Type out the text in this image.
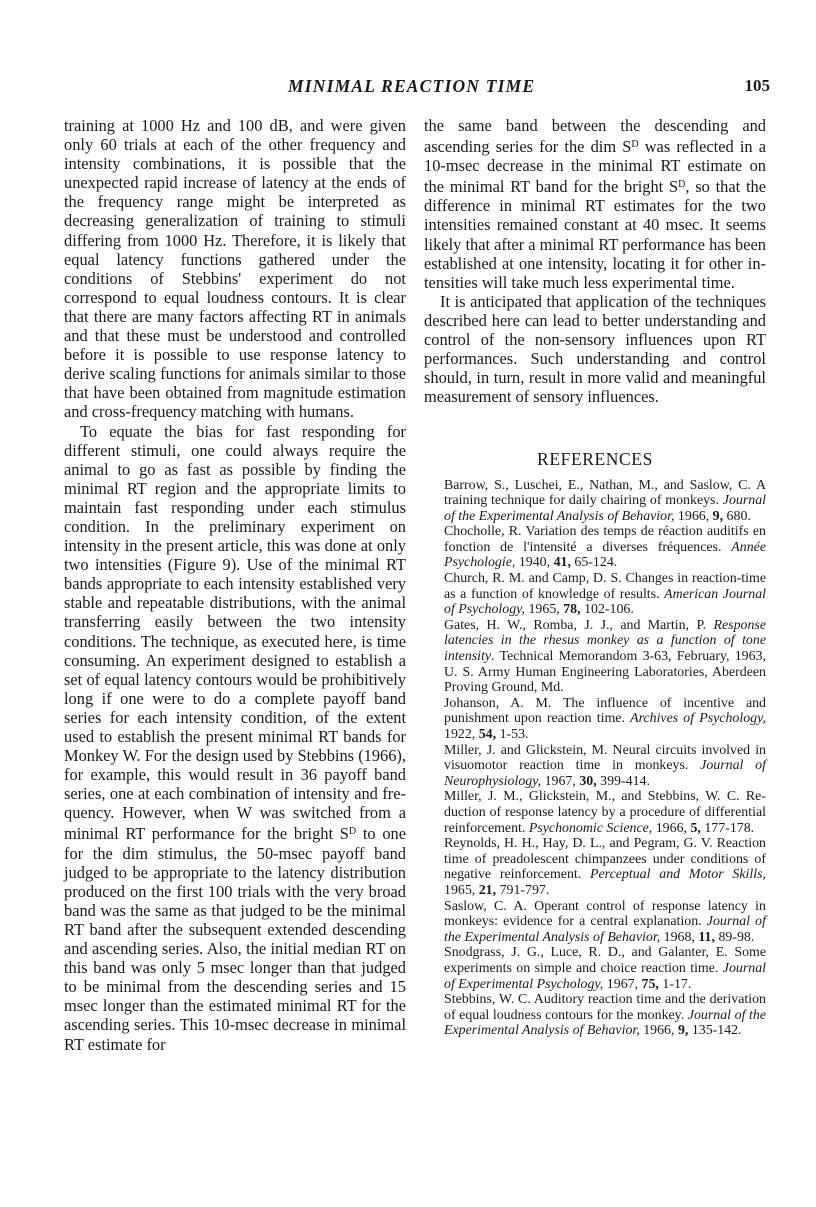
MINIMAL REACTION TIME	105

training at 1000 Hz and 100 dB, and were given only 60 trials at each of the other frequency and intensity combinations, it is possible that the unexpected rapid increase of latency at the ends of the frequency range might be interpreted as decreasing generalization of training to stimuli differing from 1000 Hz. Therefore, it is likely that equal latency functions gathered under the conditions of Stebbins' experiment do not correspond to equal loudness contours. It is clear that there are many factors affecting RT in animals and that these must be understood and controlled before it is possible to use response latency to derive scaling functions for animals similar to those that have been obtained from magnitude estimation and cross-frequency matching with humans.

To equate the bias for fast responding for different stimuli, one could always require the animal to go as fast as possible by finding the minimal RT region and the appropriate limits to maintain fast responding under each stimulus condition. In the preliminary experiment on intensity in the present article, this was done at only two intensities (Figure 9). Use of the minimal RT bands appropriate to each intensity established very stable and repeatable distributions, with the animal transferring easily between the two intensity conditions. The technique, as executed here, is time consuming. An experiment designed to establish a set of equal latency contours would be prohibitively long if one were to do a complete payoff band series for each intensity condition, of the extent used to establish the present minimal RT bands for Monkey W. For the design used by Stebbins (1966), for example, this would result in 36 payoff band series, one at each combination of intensity and frequency. However, when W was switched from a minimal RT performance for the bright $S^D$ to one for the dim stimulus, the 50-msec payoff band judged to be appropriate to the latency distribution produced on the first 100 trials with the very broad band was the same as that judged to be the minimal RT band after the subsequent extended descending and ascending series. Also, the initial median RT on this band was only 5 msec longer than that judged to be minimal from the descending series and 15 msec longer than the estimated minimal RT for the ascending series. This 10-msec decrease in minimal RT estimate for

the same band between the descending and ascending series for the dim $S^D$ was reflected in a 10-msec decrease in the minimal RT estimate on the minimal RT band for the bright $S^D$, so that the difference in minimal RT estimates for the two intensities remained constant at 40 msec. It seems likely that after a minimal RT performance has been established at one intensity, locating it for other intensities will take much less experimental time.

It is anticipated that application of the techniques described here can lead to better understanding and control of the non-sensory influences upon RT performances. Such understanding and control should, in turn, result in more valid and meaningful measurement of sensory influences.

REFERENCES

Barrow, S., Luschei, E., Nathan, M., and Saslow, C. A training technique for daily chairing of monkeys. Journal of the Experimental Analysis of Behavior, 1966, 9, 680.

Chocholle, R. Variation des temps de réaction auditifs en fonction de l'intensité a diverses fréquences. Année Psychologie, 1940, 41, 65-124.

Church, R. M. and Camp, D. S. Changes in reaction-time as a function of knowledge of results. American Journal of Psychology, 1965, 78, 102-106.

Gates, H. W., Romba, J. J., and Martin, P. Response latencies in the rhesus monkey as a function of tone intensity. Technical Memorandom 3-63, February, 1963, U. S. Army Human Engineering Laboratories, Aberdeen Proving Ground, Md.

Johanson, A. M. The influence of incentive and punishment upon reaction time. Archives of Psychology, 1922, 54, 1-53.

Miller, J. and Glickstein, M. Neural circuits involved in visuomotor reaction time in monkeys. Journal of Neurophysiology, 1967, 30, 399-414.

Miller, J. M., Glickstein, M., and Stebbins, W. C. Reduction of response latency by a procedure of differential reinforcement. Psychonomic Science, 1966, 5, 177-178.

Reynolds, H. H., Hay, D. L., and Pegram, G. V. Reaction time of preadolescent chimpanzees under conditions of negative reinforcement. Perceptual and Motor Skills, 1965, 21, 791-797.

Saslow, C. A. Operant control of response latency in monkeys: evidence for a central explanation. Journal of the Experimental Analysis of Behavior, 1968, 11, 89-98.

Snodgrass, J. G., Luce, R. D., and Galanter, E. Some experiments on simple and choice reaction time. Journal of Experimental Psychology, 1967, 75, 1-17.

Stebbins, W. C. Auditory reaction time and the derivation of equal loudness contours for the monkey. Journal of the Experimental Analysis of Behavior, 1966, 9, 135-142.
